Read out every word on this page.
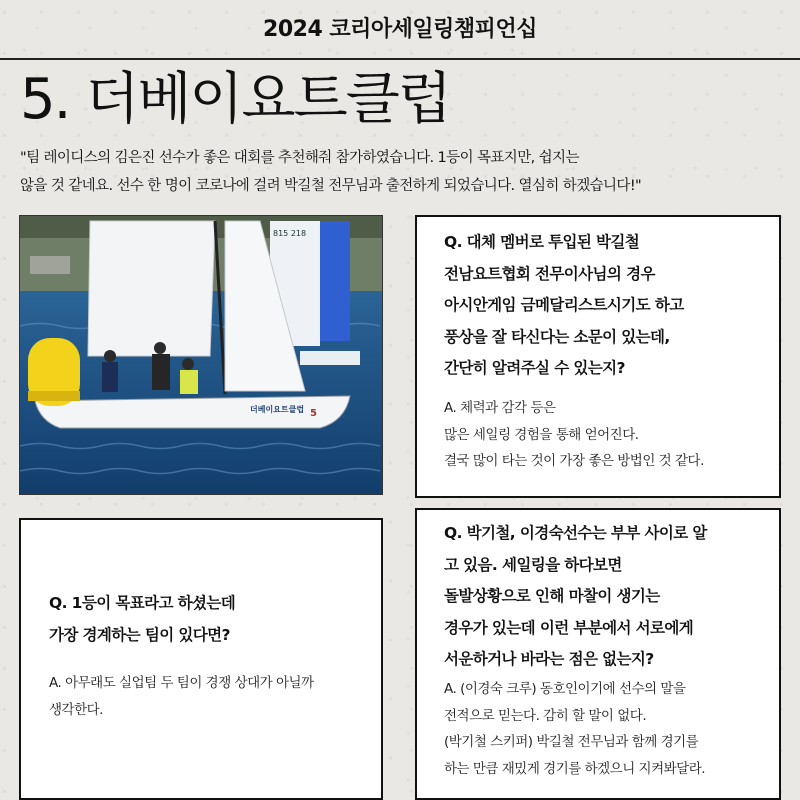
2024 코리아세일링챔피언십
5. 더베이요트클럽
"팀 레이디스의 김은진 선수가 좋은 대회를 추천해줘 참가하였습니다. 1등이 목표지만, 쉽지는
않을 것 같네요. 선수 한 명이 코로나에 걸려 박길철 전무님과 출전하게 되었습니다. 열심히 하겠습니다!"
815 218
더베이요트클럽 5
Q. 대체 멤버로 투입된 박길철
전남요트협회 전무이사님의 경우
아시안게임 금메달리스트시기도 하고
풍상을 잘 타신다는 소문이 있는데,
간단히 알려주실 수 있는지?
A. 체력과 감각 등은
많은 세일링 경험을 통해 얻어진다.
결국 많이 타는 것이 가장 좋은 방법인 것 같다.
Q. 1등이 목표라고 하셨는데
가장 경계하는 팀이 있다면?
A. 아무래도 실업팀 두 팀이 경쟁 상대가 아닐까
생각한다.
Q. 박기철, 이경숙선수는 부부 사이로 알
고 있음. 세일링을 하다보면
돌발상황으로 인해 마찰이 생기는
경우가 있는데 이런 부분에서 서로에게
서운하거나 바라는 점은 없는지?
A. (이경숙 크루) 동호인이기에 선수의 말을
전적으로 믿는다. 감히 할 말이 없다.
(박기철 스키퍼) 박길철 전무님과 함께 경기를
하는 만큼 재밌게 경기를 하겠으니 지켜봐달라.
